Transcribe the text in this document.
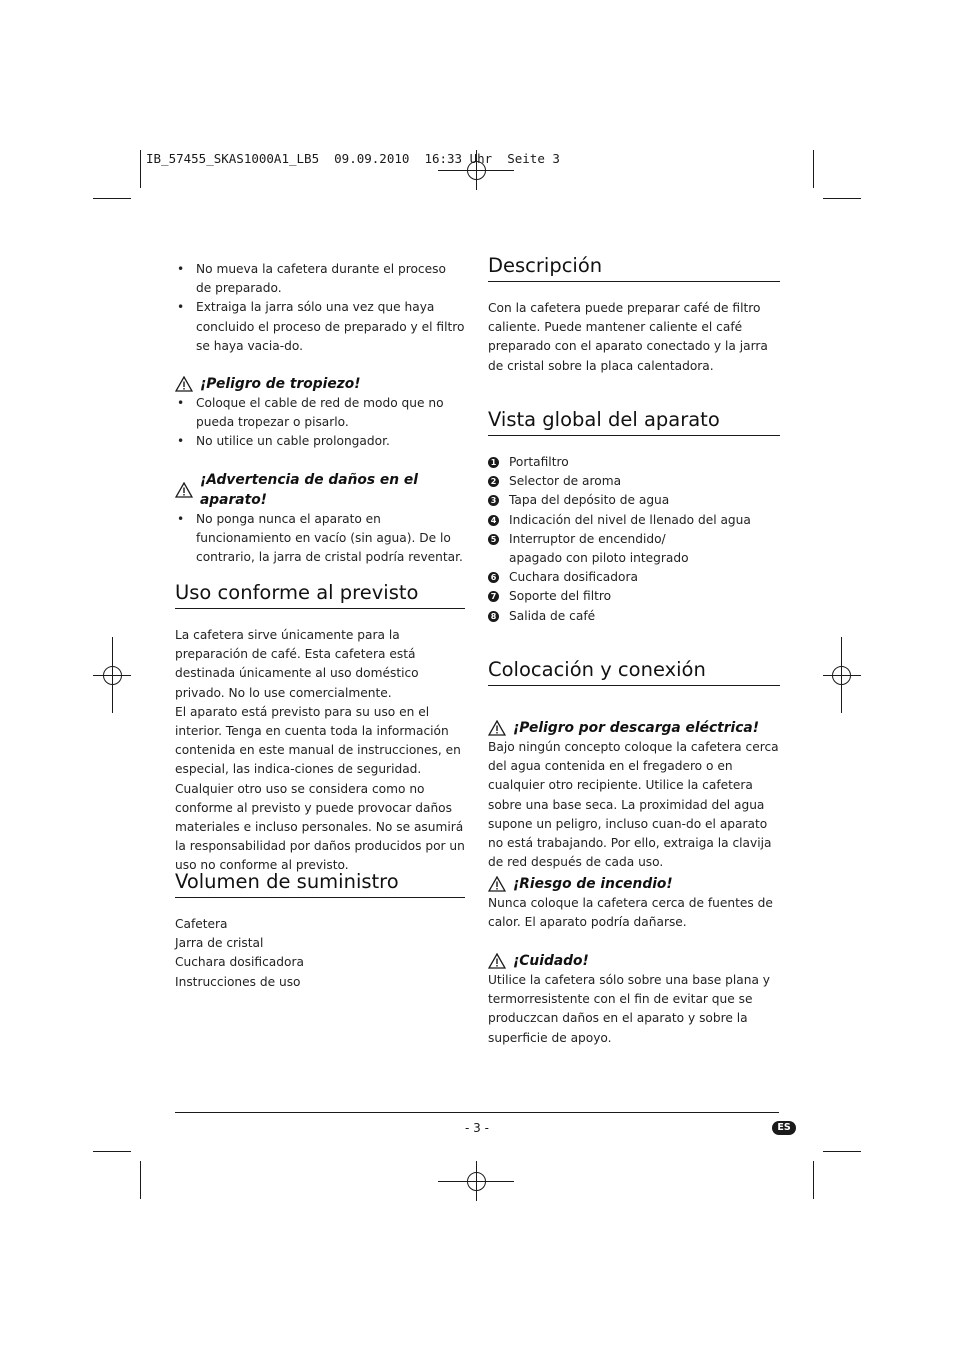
IB_57455_SKAS1000A1_LB5  09.09.2010  16:33 Uhr  Seite 3
• No mueva la cafetera durante el proceso de preparado.
• Extraiga la jarra sólo una vez que haya concluido el proceso de preparado y el filtro se haya vacia-do.
¡Peligro de tropiezo!
• Coloque el cable de red de modo que no pueda tropezar o pisarlo.
• No utilice un cable prolongador.
¡Advertencia de daños en el aparato!
• No ponga nunca el aparato en funcionamiento en vacío (sin agua). De lo contrario, la jarra de cristal podría reventar.
Uso conforme al previsto

La cafetera sirve únicamente para la preparación de café. Esta cafetera está destinada únicamente al uso doméstico privado. No lo use comercialmente.

El aparato está previsto para su uso en el interior. Tenga en cuenta toda la información contenida en este manual de instrucciones, en especial, las indica-ciones de seguridad. Cualquier otro uso se considera como no conforme al previsto y puede provocar daños materiales e incluso personales. No se asumirá la responsabilidad por daños producidos por un uso no conforme al previsto.

Volumen de suministro
Cafetera
Jarra de cristal
Cuchara dosificadora
Instrucciones de uso
Descripción

Con la cafetera puede preparar café de filtro caliente. Puede mantener caliente el café preparado con el aparato conectado y la jarra de cristal sobre la placa calentadora.

Vista global del aparato
1 Portafiltro
2 Selector de aroma
3 Tapa del depósito de agua
4 Indicación del nivel de llenado del agua
5 Interruptor de encendido/
apagado con piloto integrado
6 Cuchara dosificadora
7 Soporte del filtro
8 Salida de café
Colocación y conexión
¡Peligro por descarga eléctrica!

Bajo ningún concepto coloque la cafetera cerca del agua contenida en el fregadero o en cualquier otro recipiente. Utilice la cafetera sobre una base seca. La proximidad del agua supone un peligro, incluso cuan-do el aparato no está trabajando. Por ello, extraiga la clavija de red después de cada uso.

¡Riesgo de incendio!

Nunca coloque la cafetera cerca de fuentes de calor. El aparato podría dañarse.

¡Cuidado!

Utilice la cafetera sólo sobre una base plana y termorresistente con el fin de evitar que se produczcan daños en el aparato y sobre la superficie de apoyo.

- 3 -	ES
